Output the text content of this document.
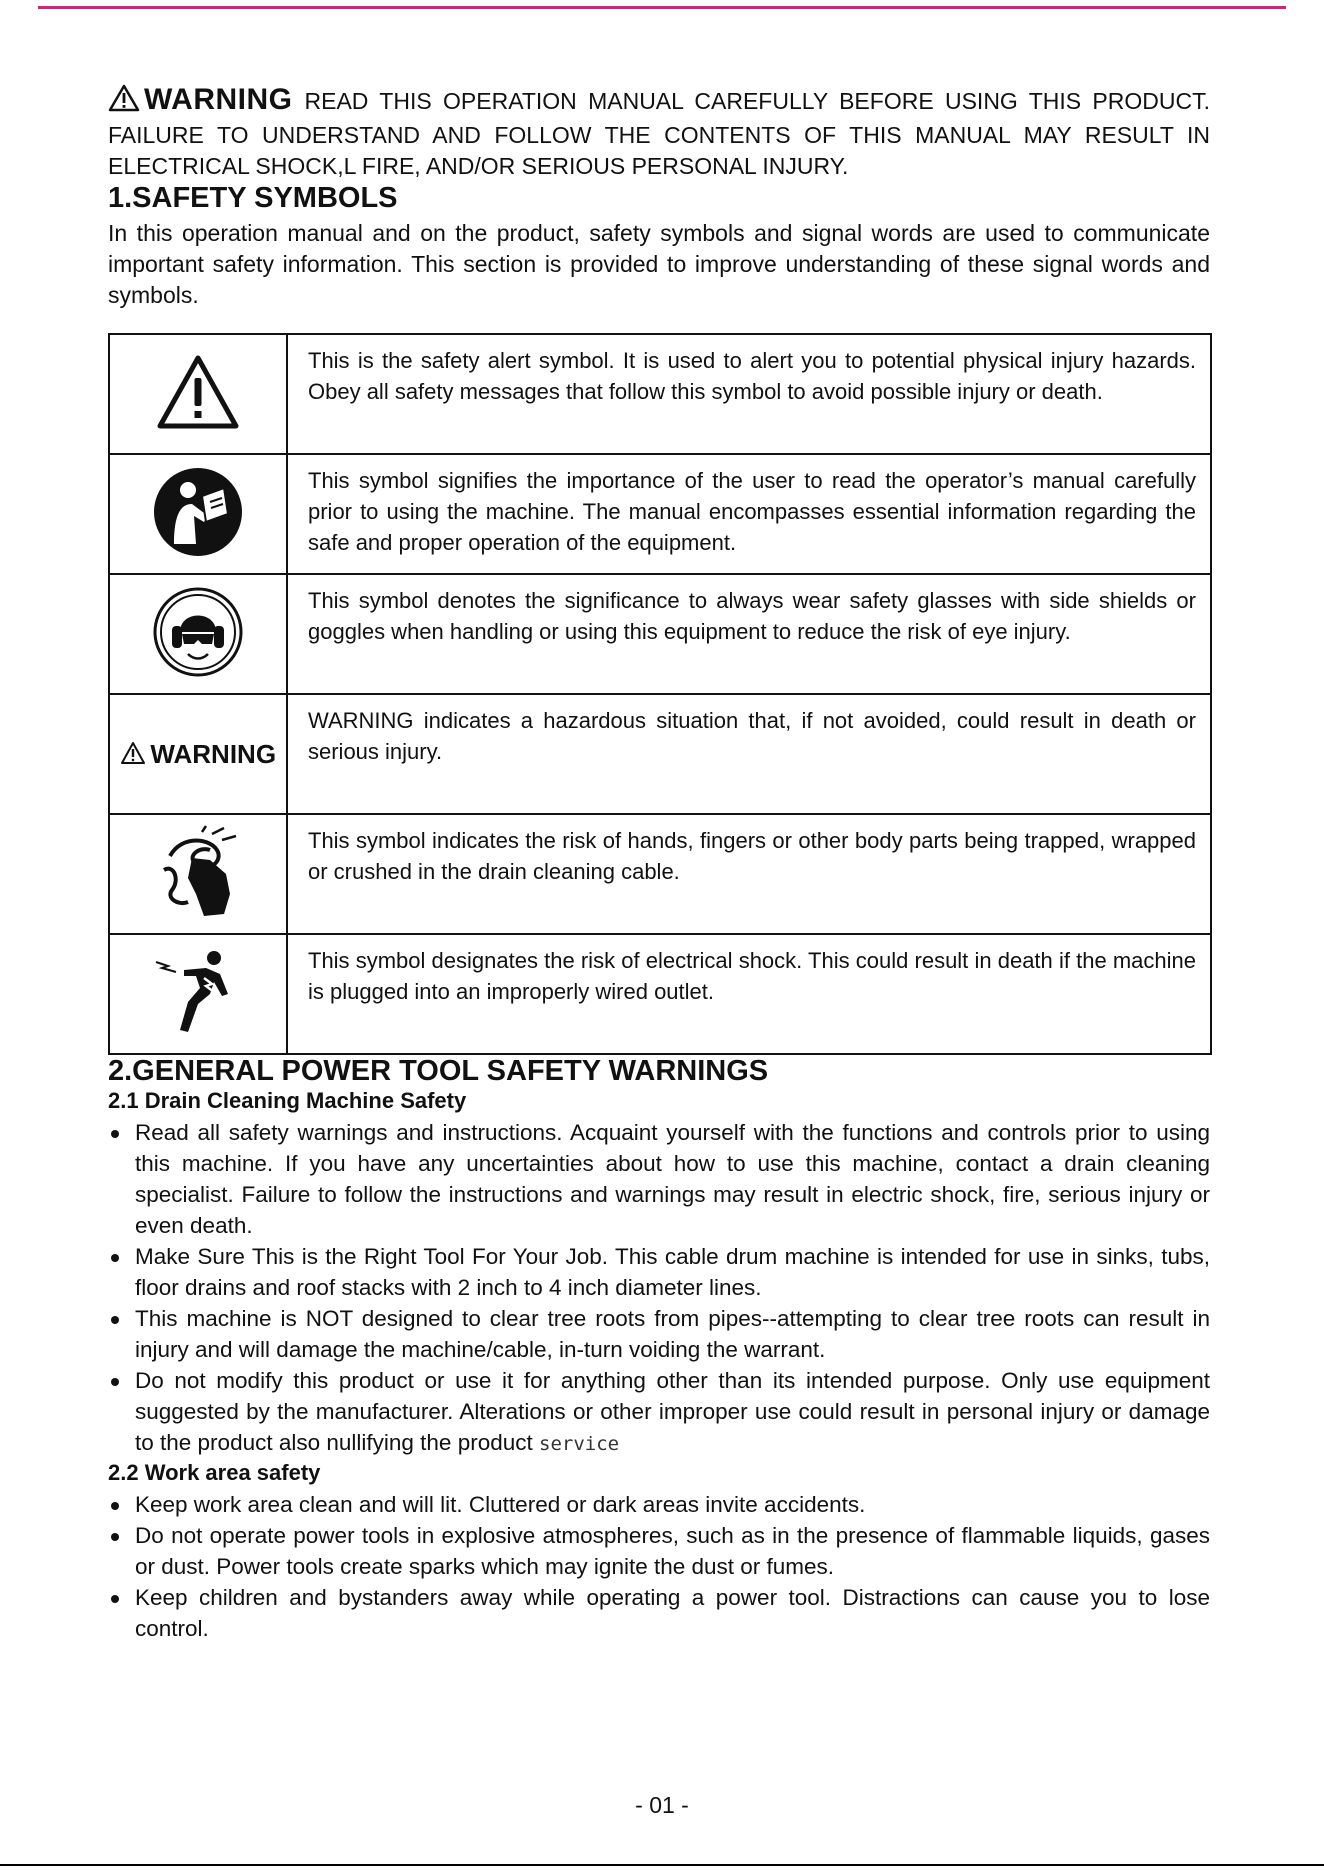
WARNING READ THIS OPERATION MANUAL CAREFULLY BEFORE USING THIS PRODUCT. FAILURE TO UNDERSTAND AND FOLLOW THE CONTENTS OF THIS MANUAL MAY RESULT IN ELECTRICAL SHOCK,L FIRE, AND/OR SERIOUS PERSONAL INJURY.

1.SAFETY SYMBOLS

In this operation manual and on the product, safety symbols and signal words are used to communicate important safety information. This section is provided to improve understanding of these signal words and symbols.

	This is the safety alert symbol. It is used to alert you to potential physical injury hazards. Obey all safety messages that follow this symbol to avoid possible injury or death.
	This symbol signifies the importance of the user to read the operator’s manual carefully prior to using the machine. The manual encompasses essential information regarding the safe and proper operation of the equipment.
	This symbol denotes the significance to always wear safety glasses with side shields or goggles when handling or using this equipment to reduce the risk of eye injury.
WARNING	WARNING indicates a hazardous situation that, if not avoided, could result in death or serious injury.
	This symbol indicates the risk of hands, fingers or other body parts being trapped, wrapped or crushed in the drain cleaning cable.
	This symbol designates the risk of electrical shock. This could result in death if the machine is plugged into an improperly wired outlet.
2.GENERAL POWER TOOL SAFETY WARNINGS
2.1 Drain Cleaning Machine Safety
Read all safety warnings and instructions. Acquaint yourself with the functions and controls prior to using this machine. If you have any uncertainties about how to use this machine, contact a drain cleaning specialist. Failure to follow the instructions and warnings may result in electric shock, fire, serious injury or even death.
Make Sure This is the Right Tool For Your Job. This cable drum machine is intended for use in sinks, tubs, floor drains and roof stacks with 2 inch to 4 inch diameter lines.
This machine is NOT designed to clear tree roots from pipes--attempting to clear tree roots can result in injury and will damage the machine/cable, in-turn voiding the warrant.
Do not modify this product or use it for anything other than its intended purpose. Only use equipment suggested by the manufacturer. Alterations or other improper use could result in personal injury or damage to the product also nullifying the product service
2.2 Work area safety
Keep work area clean and will lit. Cluttered or dark areas invite accidents.
Do not operate power tools in explosive atmospheres, such as in the presence of flammable liquids, gases or dust. Power tools create sparks which may ignite the dust or fumes.
Keep children and bystanders away while operating a power tool. Distractions can cause you to lose control.
- 01 -
